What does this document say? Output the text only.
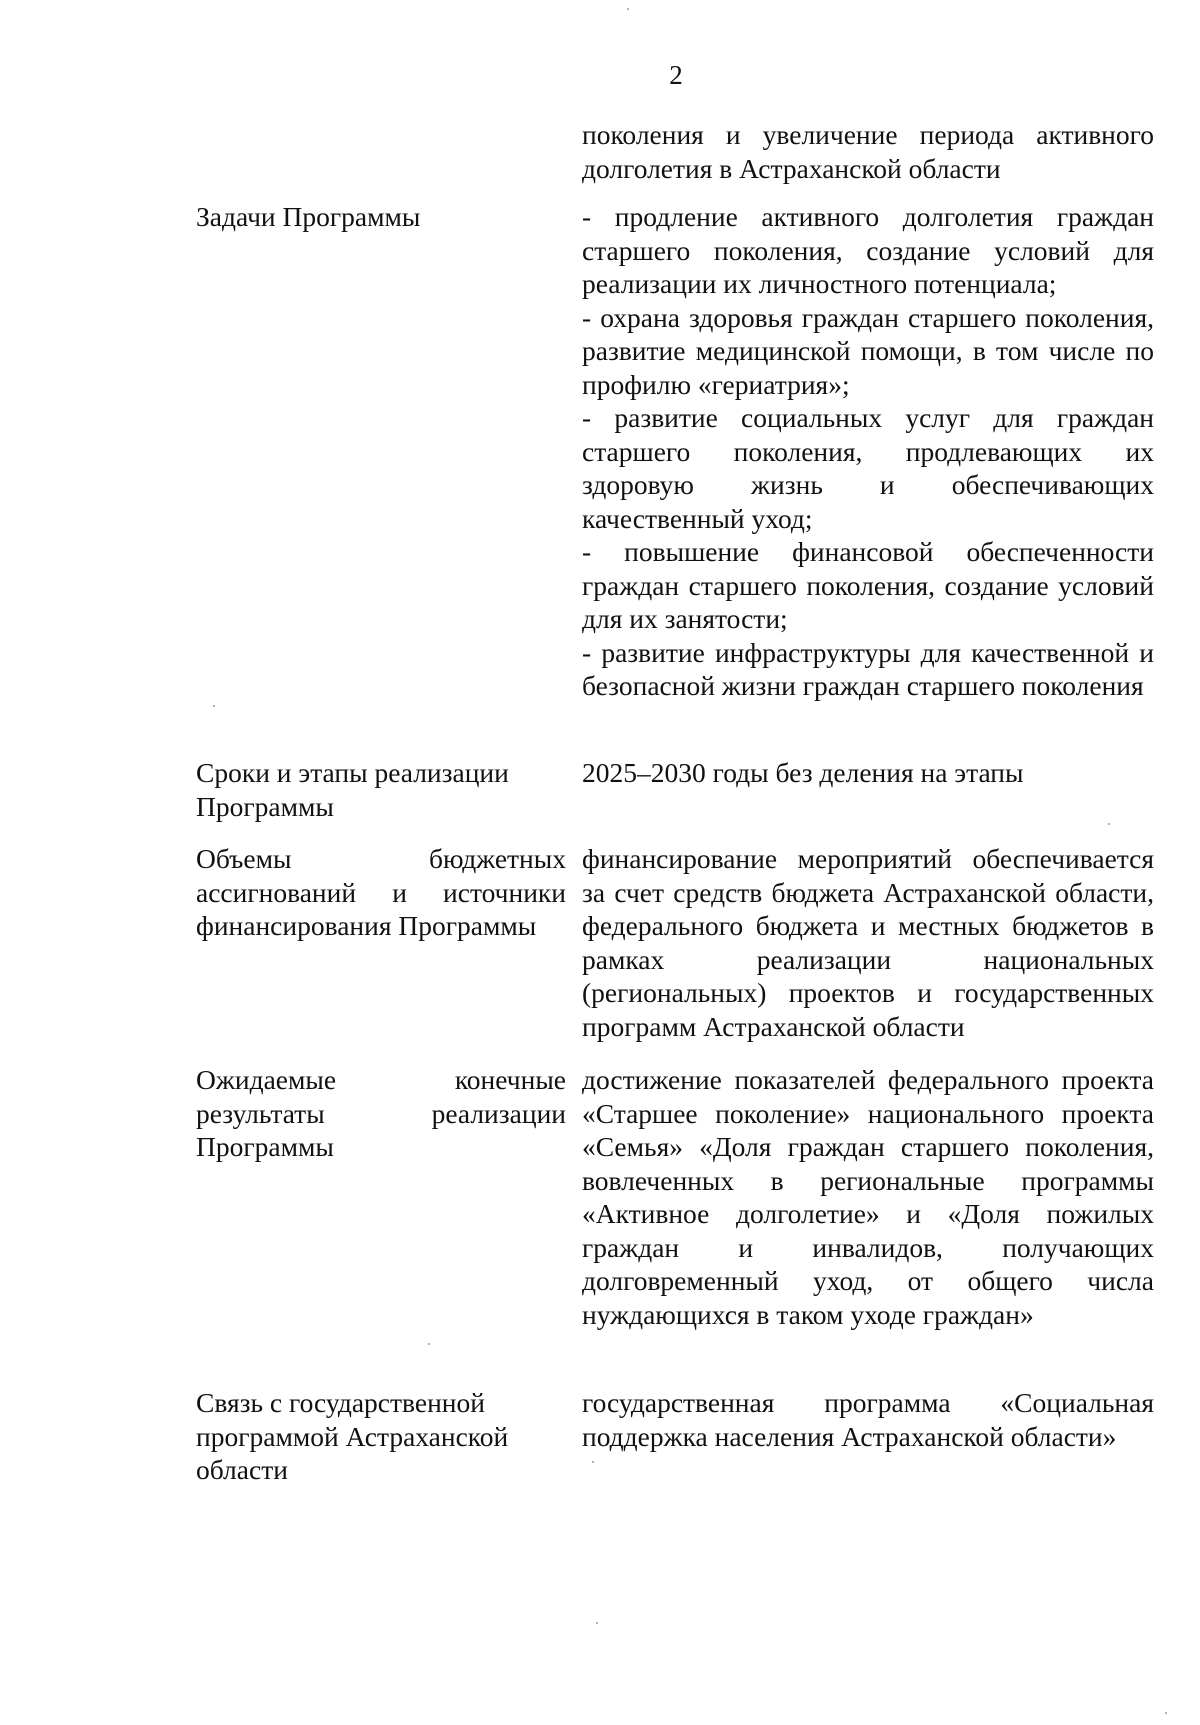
2
поколения и увеличение периода активного долголетия в Астраханской области
Задачи Программы	- продление активного долголетия граждан старшего поколения, создание условий для реализации их личностного потенциала;
- охрана здоровья граждан старшего поколения, развитие медицинской помощи, в том числе по профилю «гериатрия»;
- развитие социальных услуг для граждан старшего поколения, продлевающих их здоровую жизнь и обеспечивающих качественный уход;
- повышение финансовой обеспеченности граждан старшего поколения, создание условий для их занятости;
- развитие инфраструктуры для качественной и безопасной жизни граждан старшего поколения
Сроки и этапы реализации Программы
2025–2030 годы без деления на этапы
Объемы бюджетных ассигнований и источники финансирования Программы
финансирование мероприятий обеспечивается за счет средств бюджета Астраханской области, федерального бюджета и местных бюджетов в рамках реализации национальных (региональных) проектов и государственных программ Астраханской области
Ожидаемые конечные результаты реализации Программы
достижение показателей федерального проекта «Старшее поколение» национального проекта «Семья» «Доля граждан старшего поколения, вовлеченных в региональные программы «Активное долголетие» и «Доля пожилых граждан и инвалидов, получающих долговременный уход, от общего числа нуждающихся в таком уходе граждан»
Связь с государственной программой Астраханской области
государственная программа «Социальная поддержка населения Астраханской области»
